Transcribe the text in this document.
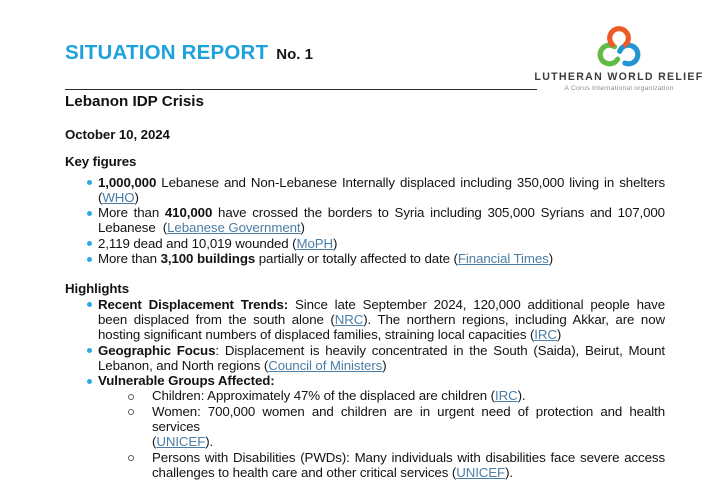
SITUATION REPORT No. 1
LUTHERAN WORLD RELIEF
A Corus International organization
Lebanon IDP Crisis
October 10, 2024
Key figures
1,000,000 Lebanese and Non-Lebanese Internally displaced including 350,000 living in shelters
(WHO)
More than 410,000 have crossed the borders to Syria including 305,000 Syrians and 107,000
Lebanese  (Lebanese Government)
2,119 dead and 10,019 wounded (MoPH)
More than 3,100 buildings partially or totally affected to date (Financial Times)
Highlights
Recent Displacement Trends: Since late September 2024, 120,000 additional people have
been displaced from the south alone (NRC). The northern regions, including Akkar, are now
hosting significant numbers of displaced families, straining local capacities (IRC)
Geographic Focus: Displacement is heavily concentrated in the South (Saida), Beirut, Mount
Lebanon, and North regions (Council of Ministers)
Vulnerable Groups Affected:
Children: Approximately 47% of the displaced are children (IRC).
Women: 700,000 women and children are in urgent need of protection and health services
(UNICEF).
Persons with Disabilities (PWDs): Many individuals with disabilities face severe access
challenges to health care and other critical services (UNICEF).
